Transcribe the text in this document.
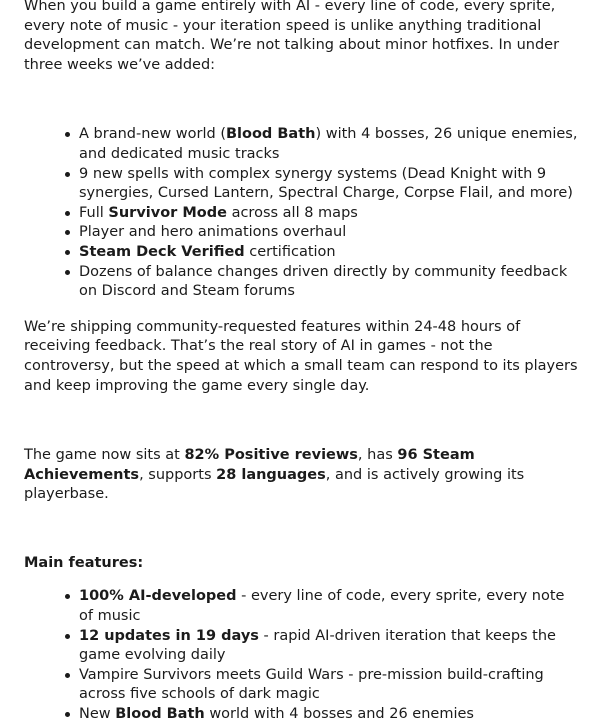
When you build a game entirely with AI - every line of code, every sprite, every note of music - your iteration speed is unlike anything traditional development can match. We’re not talking about minor hotfixes. In under three weeks we’ve added:

A brand-new world (Blood Bath) with 4 bosses, 26 unique enemies, and dedicated music tracks
9 new spells with complex synergy systems (Dead Knight with 9 synergies, Cursed Lantern, Spectral Charge, Corpse Flail, and more)
Full Survivor Mode across all 8 maps
Player and hero animations overhaul
Steam Deck Verified certification
Dozens of balance changes driven directly by community feedback on Discord and Steam forums

We’re shipping community-requested features within 24-48 hours of receiving feedback. That’s the real story of AI in games - not the controversy, but the speed at which a small team can respond to its players and keep improving the game every single day.

The game now sits at 82% Positive reviews, has 96 Steam Achievements, supports 28 languages, and is actively growing its playerbase.

Main features:

100% AI-developed - every line of code, every sprite, every note of music
12 updates in 19 days - rapid AI-driven iteration that keeps the game evolving daily
Vampire Survivors meets Guild Wars - pre-mission build-crafting across five schools of dark magic
New Blood Bath world with 4 bosses and 26 enemies
